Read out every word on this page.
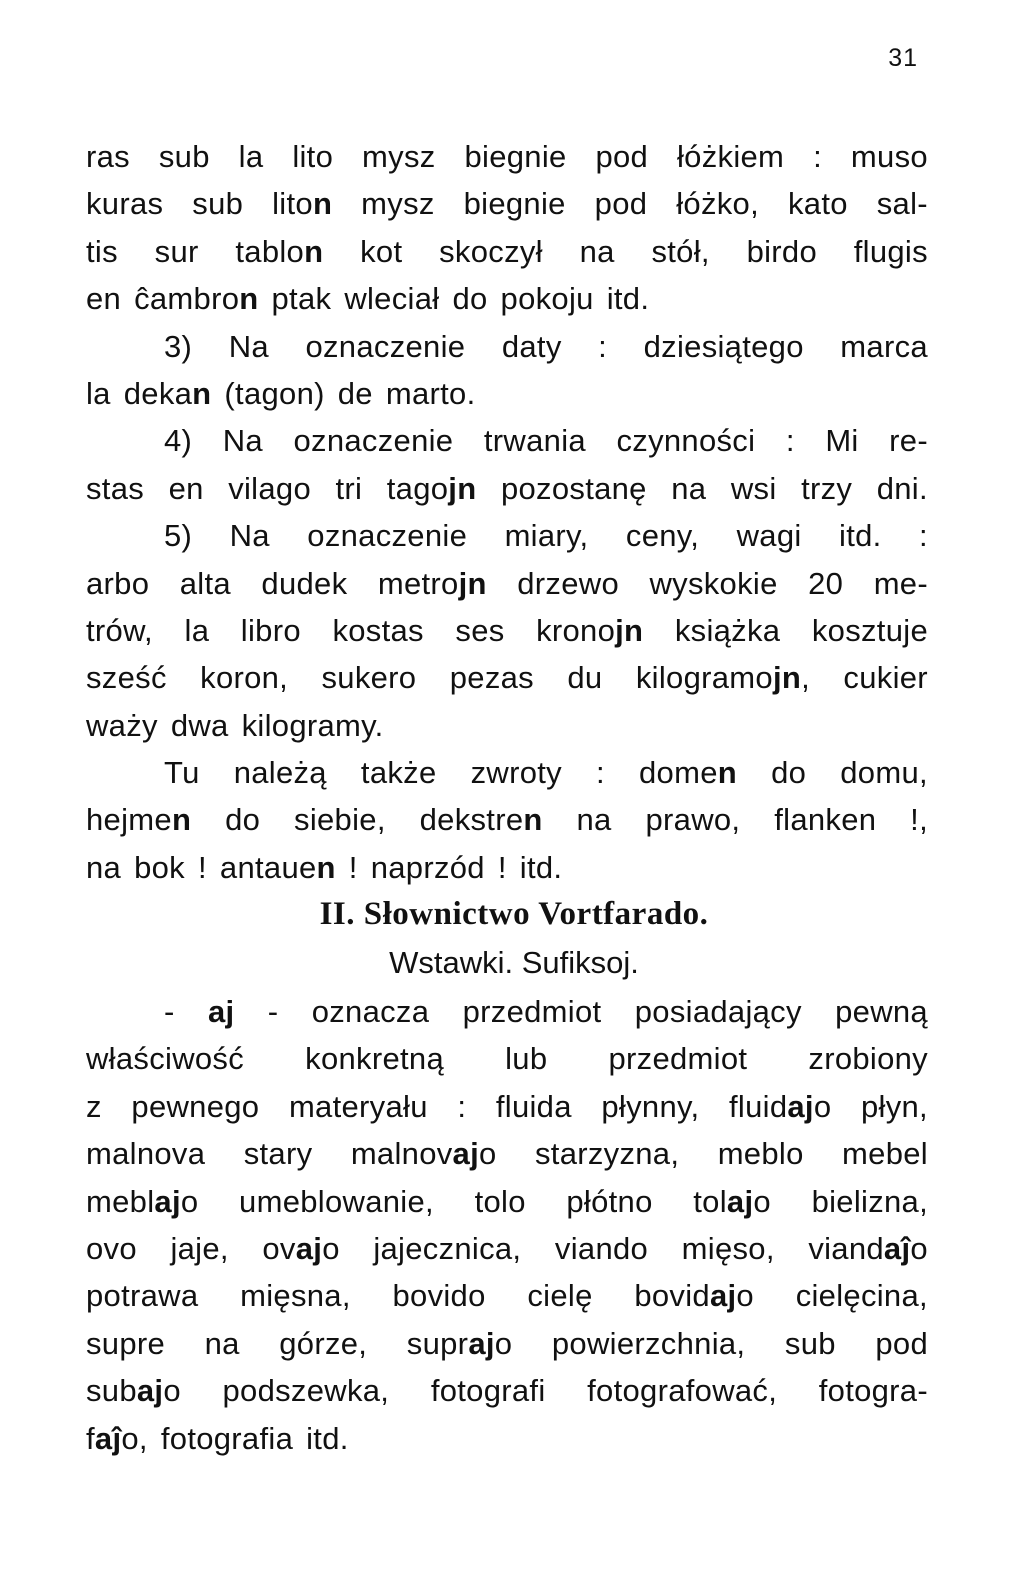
31
ras sub la lito mysz biegnie pod łóżkiem : muso
kuras sub liton mysz biegnie pod łóżko, kato sal-
tis sur tablon kot skoczył na stół, birdo flugis
en ĉambron ptak wleciał do pokoju itd.
3) Na oznaczenie daty : dziesiątego marca
la dekan (tagon) de marto.
4) Na oznaczenie trwania czynności : Mi re-
stas en vilago tri tagojn pozostanę na wsi trzy dni.
5) Na oznaczenie miary, ceny, wagi itd. :
arbo alta dudek metrojn drzewo wyskokie 20 me-
trów, la libro kostas ses kronojn książka kosztuje
sześć koron, sukero pezas du kilogramojn, cukier
waży dwa kilogramy.
Tu należą także zwroty : domen do domu,
hejmen do siebie, dekstren na prawo, flanken !,
na bok ! antauen ! naprzód ! itd.
II. Słownictwo Vortfarado.
Wstawki. Sufiksoj.
- aj - oznacza przedmiot posiadający pewną
właściwość konkretną lub przedmiot zrobiony
z pewnego materyału : fluida płynny, fluidajo płyn,
malnova stary malnovajo starzyzna, meblo mebel
meblajo umeblowanie, tolo płótno tolajo bielizna,
ovo jaje, ovajo jajecznica, viando mięso, viandaĵo
potrawa mięsna, bovido cielę bovidajo cielęcina,
supre na górze, suprajo powierzchnia, sub pod
subajo podszewka, fotografi fotografować, fotogra-
faĵo, fotografia itd.
